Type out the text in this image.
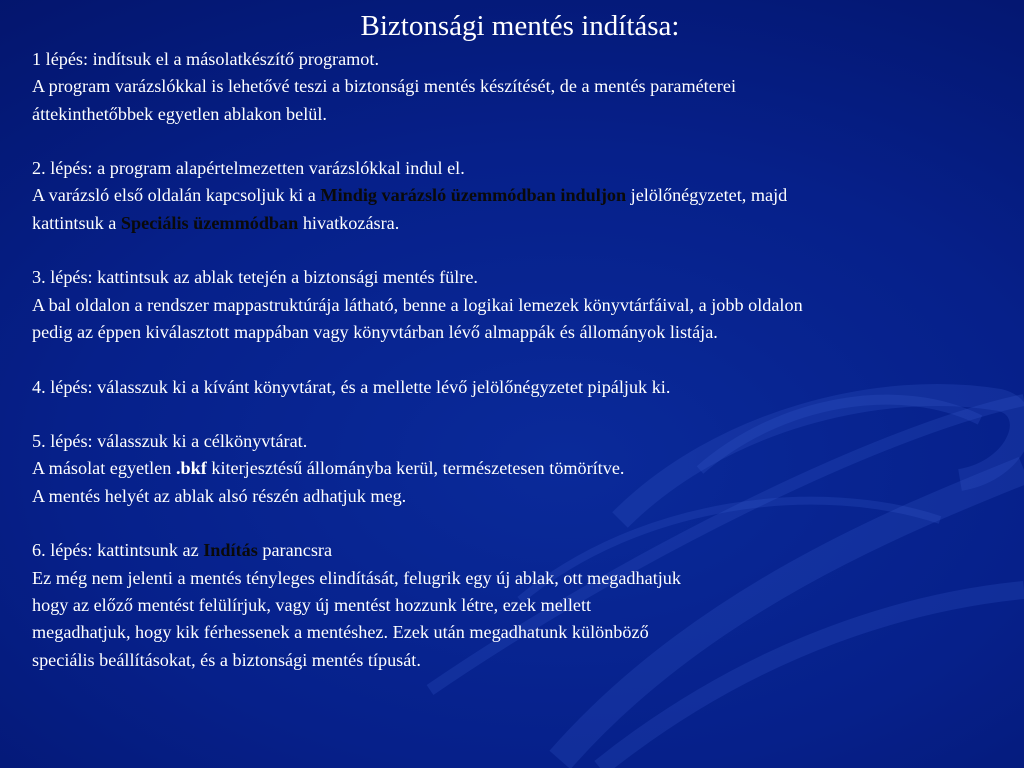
Biztonsági mentés indítása:
1 lépés: indítsuk el a másolatkészítő programot.
A program varázslókkal is lehetővé teszi a biztonsági mentés készítését, de a mentés paraméterei
áttekinthetőbbek egyetlen ablakon belül.
2. lépés: a program alapértelmezetten varázslókkal indul el.
A varázsló első oldalán kapcsoljuk ki a Mindig varázsló üzemmódban induljon jelölőnégyzetet, majd
kattintsuk a Speciális üzemmódban hivatkozásra.
3. lépés: kattintsuk az ablak tetején a biztonsági mentés fülre.
A bal oldalon a rendszer mappastruktúrája látható, benne a logikai lemezek könyvtárfáival, a jobb oldalon
pedig az éppen kiválasztott mappában vagy könyvtárban lévő almappák és állományok listája.
4. lépés: válasszuk ki a kívánt könyvtárat, és a mellette lévő jelölőnégyzetet pipáljuk ki.
5. lépés: válasszuk ki a célkönyvtárat.
A másolat egyetlen .bkf kiterjesztésű állományba kerül, természetesen tömörítve.
A mentés helyét az ablak alsó részén adhatjuk meg.
6. lépés: kattintsunk az Indítás parancsra
Ez még nem jelenti a mentés tényleges elindítását, felugrik egy új ablak, ott megadhatjuk
hogy az előző mentést felülírjuk, vagy új mentést hozzunk létre, ezek mellett
megadhatjuk, hogy kik férhessenek a mentéshez. Ezek után megadhatunk különböző
speciális beállításokat, és a biztonsági mentés típusát.
